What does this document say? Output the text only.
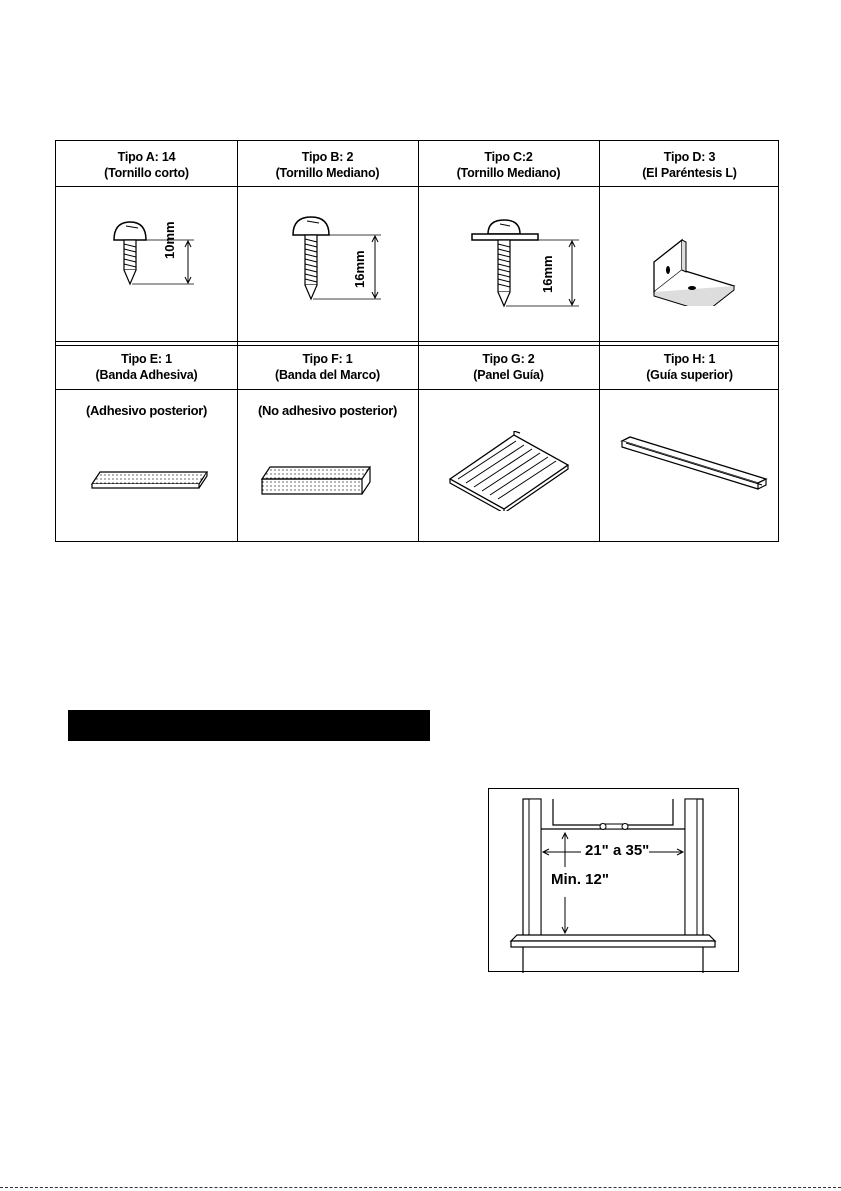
Tipo A: 14
(Tornillo corto)
Tipo B: 2
(Tornillo Mediano)
Tipo C:2
(Tornillo Mediano)
Tipo D: 3
(El Paréntesis L)
10mm
16mm	16mm
Tipo E: 1
(Banda Adhesiva)
Tipo F: 1
(Banda del Marco)
Tipo G: 2
(Panel Guía)
Tipo H: 1
(Guía superior)
(Adhesivo posterior)	(No adhesivo posterior)
21" a 35"
Min. 12"
